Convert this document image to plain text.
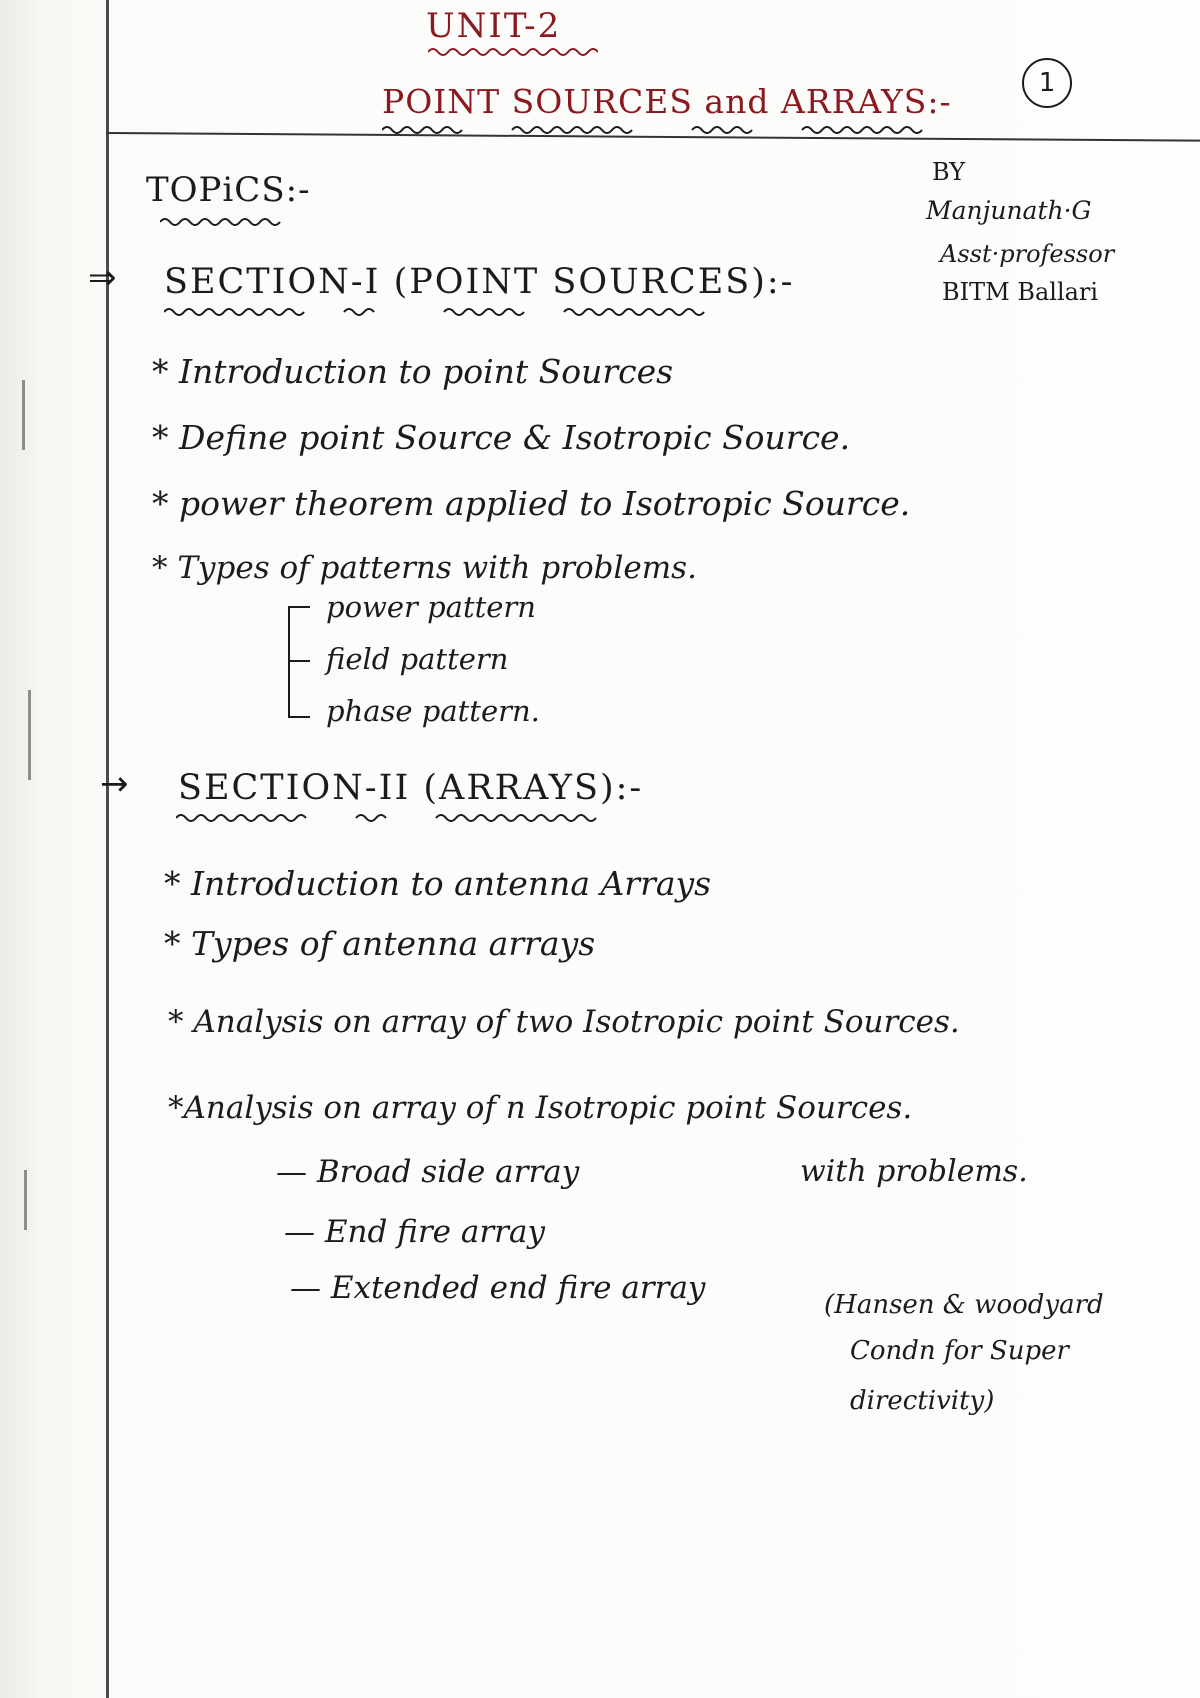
UNIT-2
POINT SOURCES and ARRAYS:-	1
BY
Manjunath·G
Asst·professor
BITM Ballari
TOPiCS:-
⇒ SECTION-I (POINT SOURCES):-
* Introduction to point Sources
* Define point Source & Isotropic Source.
* power theorem applied to Isotropic Source.
* Types of patterns with problems.
power pattern
field pattern
phase pattern.
→ SECTION-II (ARRAYS):-
* Introduction to antenna Arrays
* Types of antenna arrays
* Analysis on array of two Isotropic point Sources.
*Analysis on array of n Isotropic point Sources.
— Broad side array	with problems.
— End fire array
— Extended end fire array	(Hansen & woodyard
Condn for Super
directivity)
